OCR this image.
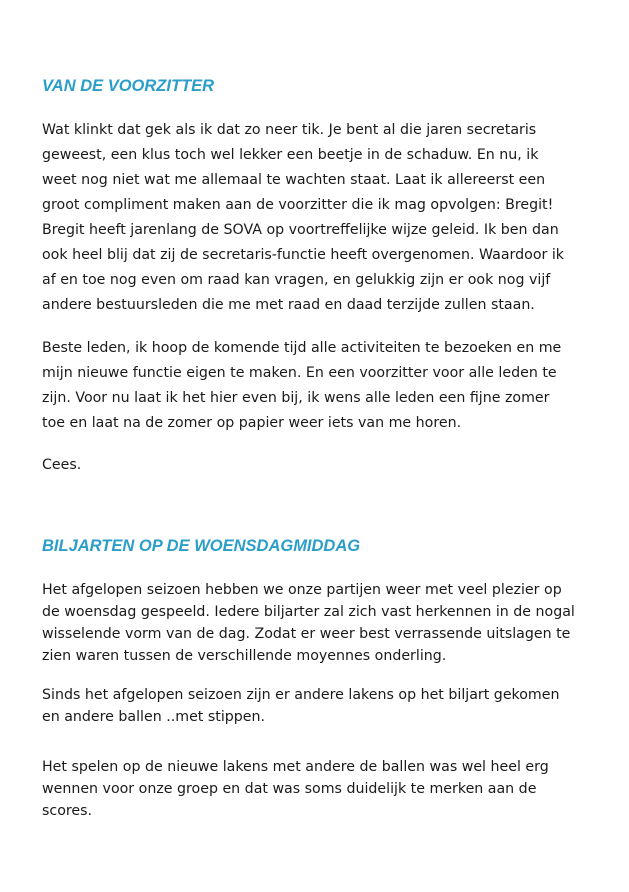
VAN DE VOORZITTER

Wat klinkt dat gek als ik dat zo neer tik. Je bent al die jaren secretaris
geweest, een klus toch wel lekker een beetje in de schaduw. En nu, ik
weet nog niet wat me allemaal te wachten staat. Laat ik allereerst een
groot compliment maken aan de voorzitter die ik mag opvolgen: Bregit!
Bregit heeft jarenlang de SOVA op voortreffelijke wijze geleid. Ik ben dan
ook heel blij dat zij de secretaris-functie heeft overgenomen. Waardoor ik
af en toe nog even om raad kan vragen, en gelukkig zijn er ook nog vijf
andere bestuursleden die me met raad en daad terzijde zullen staan.

Beste leden, ik hoop de komende tijd alle activiteiten te bezoeken en me
mijn nieuwe functie eigen te maken. En een voorzitter voor alle leden te
zijn. Voor nu laat ik het hier even bij, ik wens alle leden een fijne zomer
toe en laat na de zomer op papier weer iets van me horen.

Cees.

BILJARTEN OP DE WOENSDAGMIDDAG

Het afgelopen seizoen hebben we onze partijen weer met veel plezier op
de woensdag gespeeld. Iedere biljarter zal zich vast herkennen in de nogal
wisselende vorm van de dag. Zodat er weer best verrassende uitslagen te
zien waren tussen de verschillende moyennes onderling.

Sinds het afgelopen seizoen zijn er andere lakens op het biljart gekomen
en andere ballen ..met stippen.

Het spelen op de nieuwe lakens met andere de ballen was wel heel erg
wennen voor onze groep en dat was soms duidelijk te merken aan de
scores.
